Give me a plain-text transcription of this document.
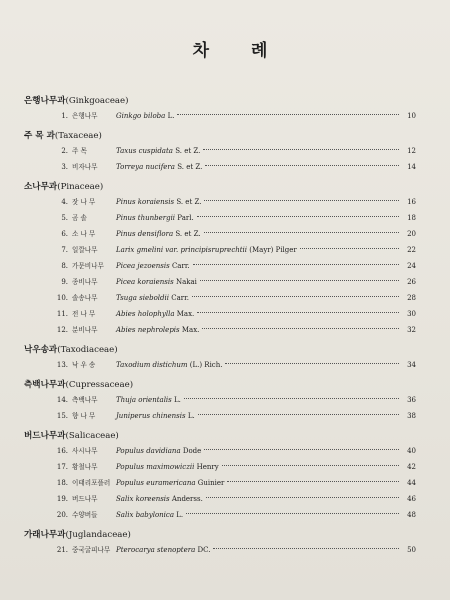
차 례
은행나무과(Ginkgoaceae)
1. 은행나무	Ginkgo biloba L.	10
주 목 과(Taxaceae)
2. 주 목	Taxus cuspidata S. et Z.	12
3. 비자나무	Torreya nucifera S. et Z.	14
소나무과(Pinaceae)
4. 잣 나 무	Pinus koraiensis S. et Z.	16
5. 곰 솔	Pinus thunbergii Parl.	18
6. 소 나 무	Pinus densiflora S. et Z.	20
7. 일깔나무	Larix gmelini var. principisruprechtii (Mayr) Pilger	22
8. 가문비나무	Picea jezoensis Carr.	24
9. 종비나무	Picea koraiensis Nakai	26
10. 솔송나무	Tsuga sieboldii Carr.	28
11. 전 나 무	Abies holophylla Max.	30
12. 분비나무	Abies nephrolepis Max.	32
낙우송과(Taxodiaceae)
13. 낙 우 송	Taxodium distichum (L.) Rich.	34
측백나무과(Cupressaceae)
14. 측백나무	Thuja orientalis L.	36
15. 향 나 무	Juniperus chinensis L.	38
버드나무과(Salicaceae)
16. 사시나무	Populus davidiana Dode	40
17. 황철나무	Populus maximowiczii Henry	42
18. 이태리포플러 Populus euramericana Guinier	44
19. 버드나무	Salix koreensis Anderss.	46
20. 수양버들	Salix babylonica L.	48
가래나무과(Juglandaceae)
21. 중국굴피나무 Pterocarya stenoptera DC.	50
